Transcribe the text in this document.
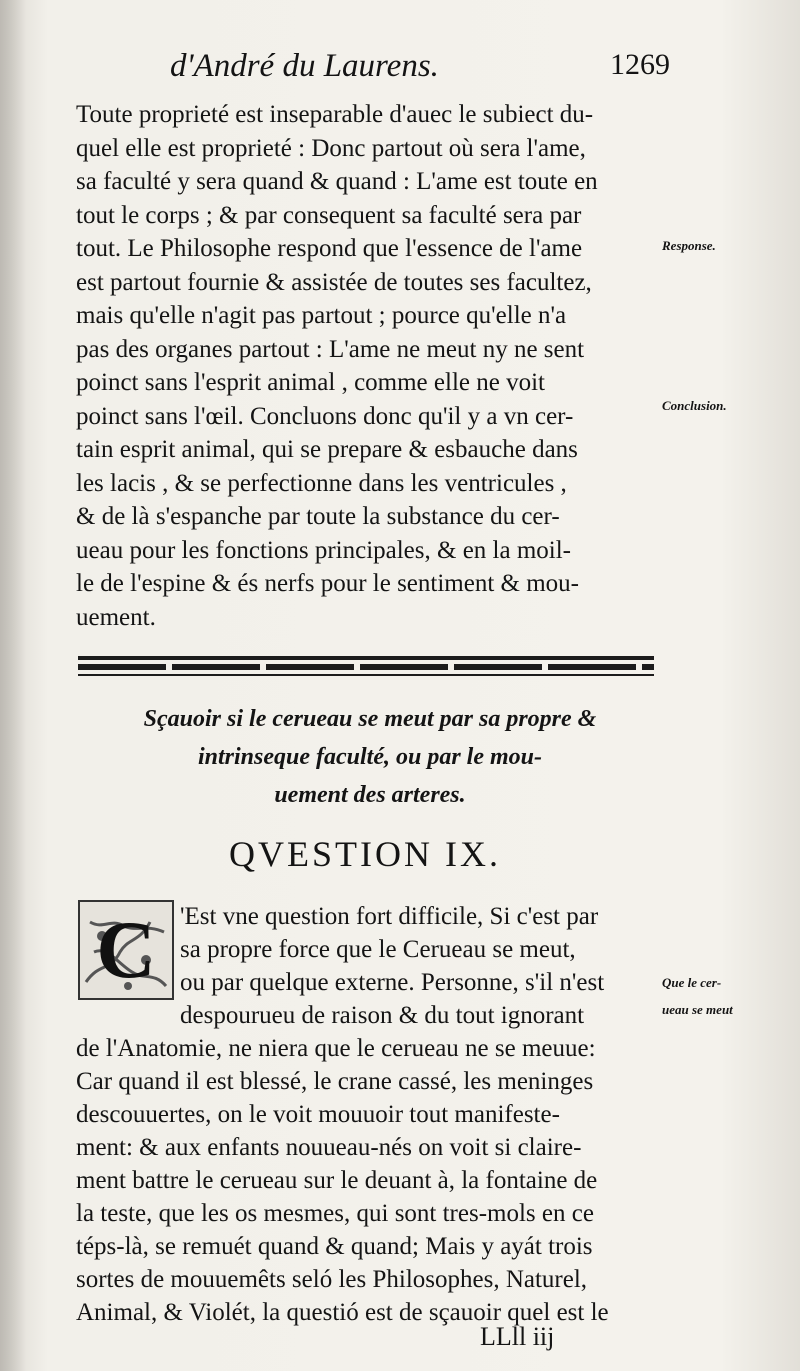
d'André du Laurens.	1269
Toute proprieté est inseparable d'auec le subiect du-
quel elle est proprieté : Donc partout où sera l'ame,
sa faculté y sera quand & quand : L'ame est toute en
tout le corps ; & par consequent sa faculté sera par
tout. Le Philosophe respond que l'essence de l'ame
est partout fournie & assistée de toutes ses facultez,
mais qu'elle n'agit pas partout ; pource qu'elle n'a
pas des organes partout : L'ame ne meut ny ne sent
poinct sans l'esprit animal , comme elle ne voit
poinct sans l'œil. Concluons donc qu'il y a vn cer-
tain esprit animal, qui se prepare & esbauche dans
les lacis , & se perfectionne dans les ventricules ,
& de là s'espanche par toute la substance du cer-
ueau pour les fonctions principales, & en la moil-
le de l'espine & és nerfs pour le sentiment & mou-
uement.
Response.
Conclusion.
Que le cer-
ueau se meut
Sçauoir si le cerueau se meut par sa propre &
intrinseque faculté, ou par le mou-
uement des arteres.
QVESTION IX.
C 'Est vne question fort difficile, Si c'est par
sa propre force que le Cerueau se meut,
ou par quelque externe. Personne, s'il n'est
despourueu de raison & du tout ignorant
de l'Anatomie, ne niera que le cerueau ne se meuue:
Car quand il est blessé, le crane cassé, les meninges
descouuertes, on le voit mouuoir tout manifeste-
ment: & aux enfants nouueau-nés on voit si claire-
ment battre le cerueau sur le deuant à, la fontaine de
la teste, que les os mesmes, qui sont tres-mols en ce
téps-là, se remuét quand & quand; Mais y ayát trois
sortes de mouuemêts seló les Philosophes, Naturel,
Animal, & Violét, la questió est de sçauoir quel est le
LLll iij
